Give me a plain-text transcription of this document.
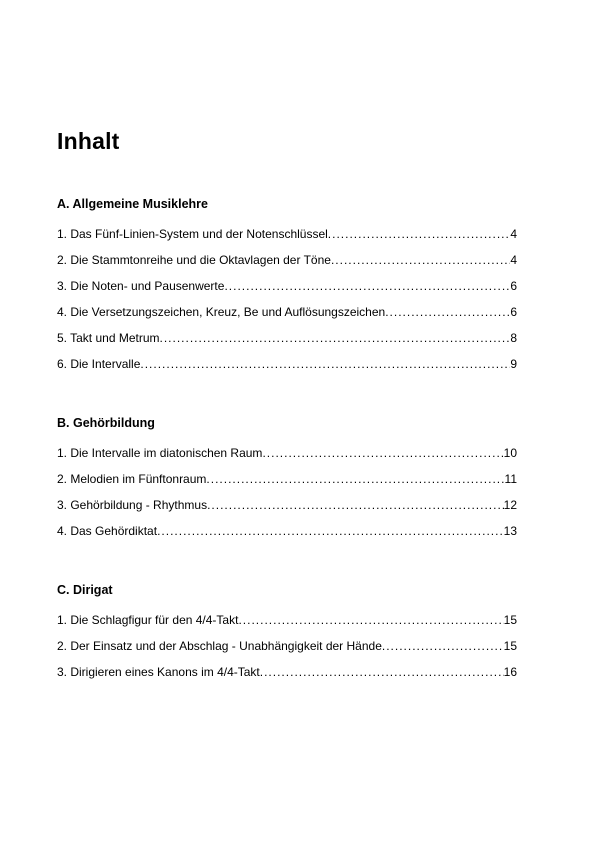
Inhalt
A. Allgemeine Musiklehre
1. Das Fünf-Linien-System und der Notenschlüssel .....	4
2. Die Stammtonreihe und die Oktavlagen der Töne .....	4
3. Die Noten- und Pausenwerte .....	6
4. Die Versetzungszeichen, Kreuz, Be und Auflösungszeichen .....	6
5. Takt und Metrum .....	8
6. Die Intervalle .....	9
B. Gehörbildung
1. Die Intervalle im diatonischen Raum .....	10
2. Melodien im Fünftonraum .....	11
3. Gehörbildung - Rhythmus .....	12
4. Das Gehördiktat .....	13
C. Dirigat
1. Die Schlagfigur für den 4/4-Takt .....	15
2. Der Einsatz und der Abschlag - Unabhängigkeit der Hände .....	15
3. Dirigieren eines Kanons im 4/4-Takt .....	16
